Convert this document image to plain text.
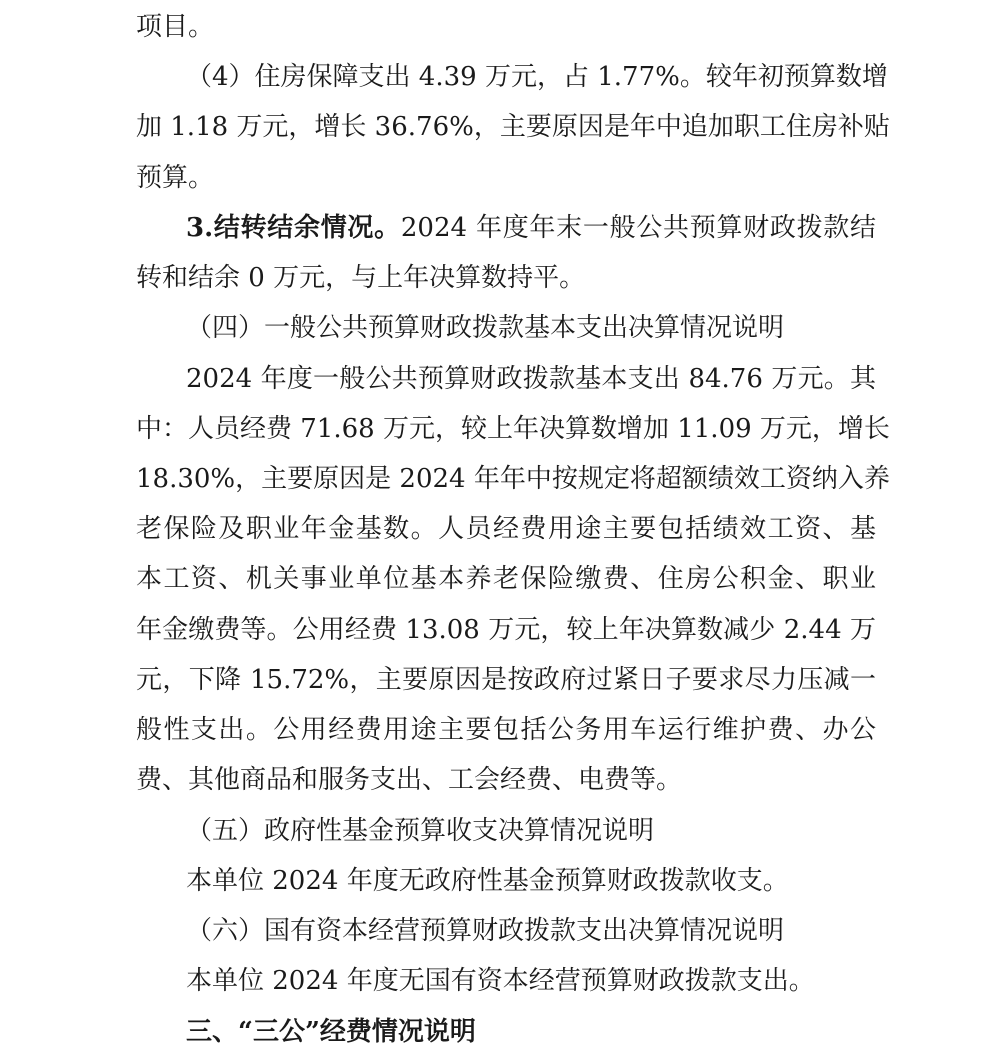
项目。

（4）住房保障支出 4.39 万元，占 1.77%。较年初预算数增

加 1.18 万元，增长 36.76%，主要原因是年中追加职工住房补贴

预算。

3.结转结余情况。2024 年度年末一般公共预算财政拨款结

转和结余 0 万元，与上年决算数持平。

（四）一般公共预算财政拨款基本支出决算情况说明

2024 年度一般公共预算财政拨款基本支出 84.76 万元。其

中：人员经费 71.68 万元，较上年决算数增加 11.09 万元，增长

18.30%，主要原因是 2024 年年中按规定将超额绩效工资纳入养

老保险及职业年金基数。人员经费用途主要包括绩效工资、基

本工资、机关事业单位基本养老保险缴费、住房公积金、职业

年金缴费等。公用经费 13.08 万元，较上年决算数减少 2.44 万

元，下降 15.72%，主要原因是按政府过紧日子要求尽力压减一

般性支出。公用经费用途主要包括公务用车运行维护费、办公

费、其他商品和服务支出、工会经费、电费等。

（五）政府性基金预算收支决算情况说明

本单位 2024 年度无政府性基金预算财政拨款收支。

（六）国有资本经营预算财政拨款支出决算情况说明

本单位 2024 年度无国有资本经营预算财政拨款支出。

三、“三公”经费情况说明
